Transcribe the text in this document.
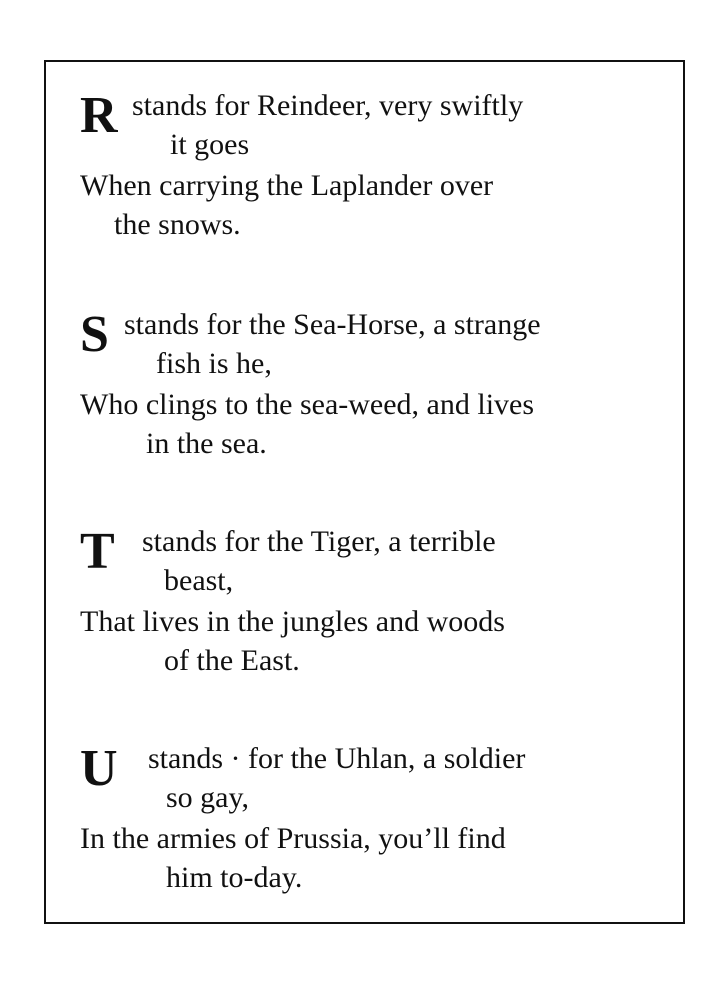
R stands for Reindeer, very swiftly
it goes
When carrying the Laplander over
the snows.
S stands for the Sea-Horse, a strange
fish is he,
Who clings to the sea-weed, and lives
in the sea.
T stands for the Tiger, a terrible
beast,
That lives in the jungles and woods
of the East.
U stands · for the Uhlan, a soldier
so gay,
In the armies of Prussia, you’ll find
him to-day.
